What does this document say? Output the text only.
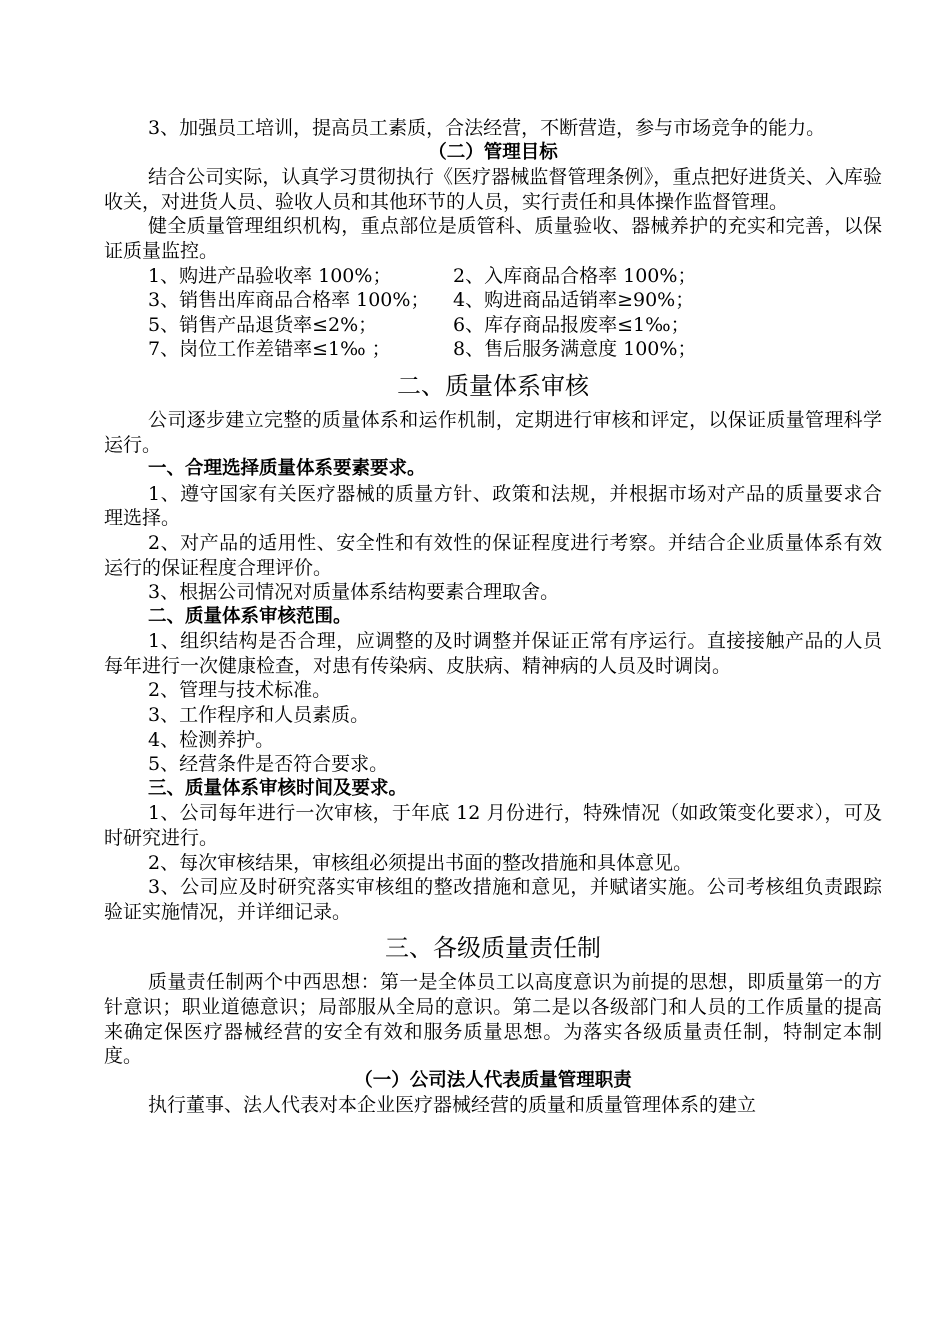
3、加强员工培训，提高员工素质，合法经营，不断营造，参与市场竞争的能力。

（二）管理目标

结合公司实际，认真学习贯彻执行《医疗器械监督管理条例》，重点把好进货关、入库验收关，对进货人员、验收人员和其他环节的人员，实行责任和具体操作监督管理。

健全质量管理组织机构，重点部位是质管科、质量验收、器械养护的充实和完善，以保证质量监控。

1、购进产品验收率 100%；	2、入库商品合格率 100%；
3、销售出库商品合格率 100%；	4、购进商品适销率≥90%；
5、销售产品退货率≤2%；	6、库存商品报废率≤1‰；
7、岗位工作差错率≤1‰ ；	8、售后服务满意度 100%；

二、质量体系审核

公司逐步建立完整的质量体系和运作机制，定期进行审核和评定，以保证质量管理科学运行。

一、合理选择质量体系要素要求。

1、遵守国家有关医疗器械的质量方针、政策和法规，并根据市场对产品的质量要求合理选择。

2、对产品的适用性、安全性和有效性的保证程度进行考察。并结合企业质量体系有效运行的保证程度合理评价。

3、根据公司情况对质量体系结构要素合理取舍。

二、质量体系审核范围。

1、组织结构是否合理，应调整的及时调整并保证正常有序运行。直接接触产品的人员每年进行一次健康检查，对患有传染病、皮肤病、精神病的人员及时调岗。

2、管理与技术标准。

3、工作程序和人员素质。

4、检测养护。

5、经营条件是否符合要求。

三、质量体系审核时间及要求。

1、公司每年进行一次审核，于年底 12 月份进行，特殊情况（如政策变化要求），可及时研究进行。

2、每次审核结果，审核组必须提出书面的整改措施和具体意见。

3、公司应及时研究落实审核组的整改措施和意见，并赋诸实施。公司考核组负责跟踪验证实施情况，并详细记录。

三、各级质量责任制

质量责任制两个中西思想：第一是全体员工以高度意识为前提的思想，即质量第一的方针意识；职业道德意识；局部服从全局的意识。第二是以各级部门和人员的工作质量的提高来确定保医疗器械经营的安全有效和服务质量思想。为落实各级质量责任制，特制定本制度。

（一）公司法人代表质量管理职责

执行董事、法人代表对本企业医疗器械经营的质量和质量管理体系的建立
